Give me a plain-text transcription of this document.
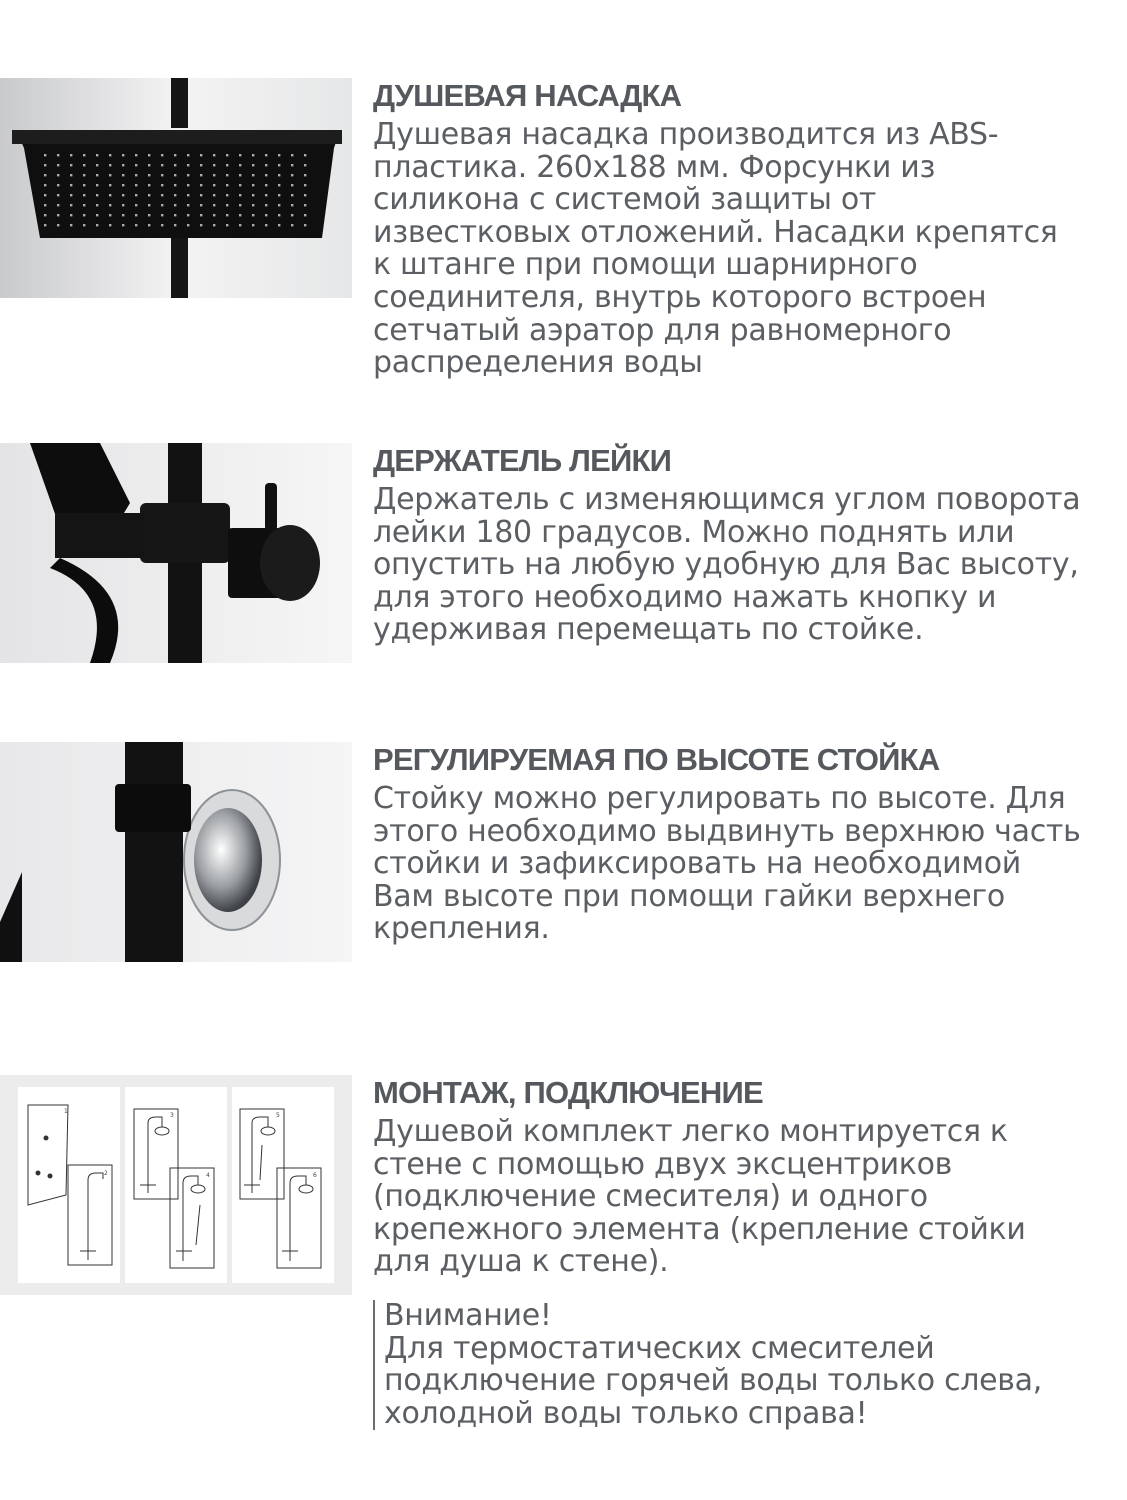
ДУШЕВАЯ НАСАДКА

Душевая насадка производится из ABS-
пластика. 260х188 мм. Форсунки из
силикона с системой защиты от
известковых отложений. Насадки крепятся
к штанге при помощи шарнирного
соединителя, внутрь которого встроен
сетчатый аэратор для равномерного
распределения воды

ДЕРЖАТЕЛЬ ЛЕЙКИ

Держатель с изменяющимся углом поворота
лейки 180 градусов. Можно поднять или
опустить на любую удобную для Вас высоту,
для этого необходимо нажать кнопку и
удерживая перемещать по стойке.

РЕГУЛИРУЕМАЯ ПО ВЫСОТЕ СТОЙКА

Стойку можно регулировать по высоте. Для
этого необходимо выдвинуть верхнюю часть
стойки и зафиксировать на необходимой
Вам высоте при помощи гайки верхнего
крепления.

1
2
3
4
5
6
МОНТАЖ, ПОДКЛЮЧЕНИЕ

Душевой комплект легко монтируется к
стене с помощью двух эксцентриков
(подключение смесителя) и одного
крепежного элемента (крепление стойки
для душа к стене).

Внимание!

Для термостатических смесителей
подключение горячей воды только слева,
холодной воды только справа!
